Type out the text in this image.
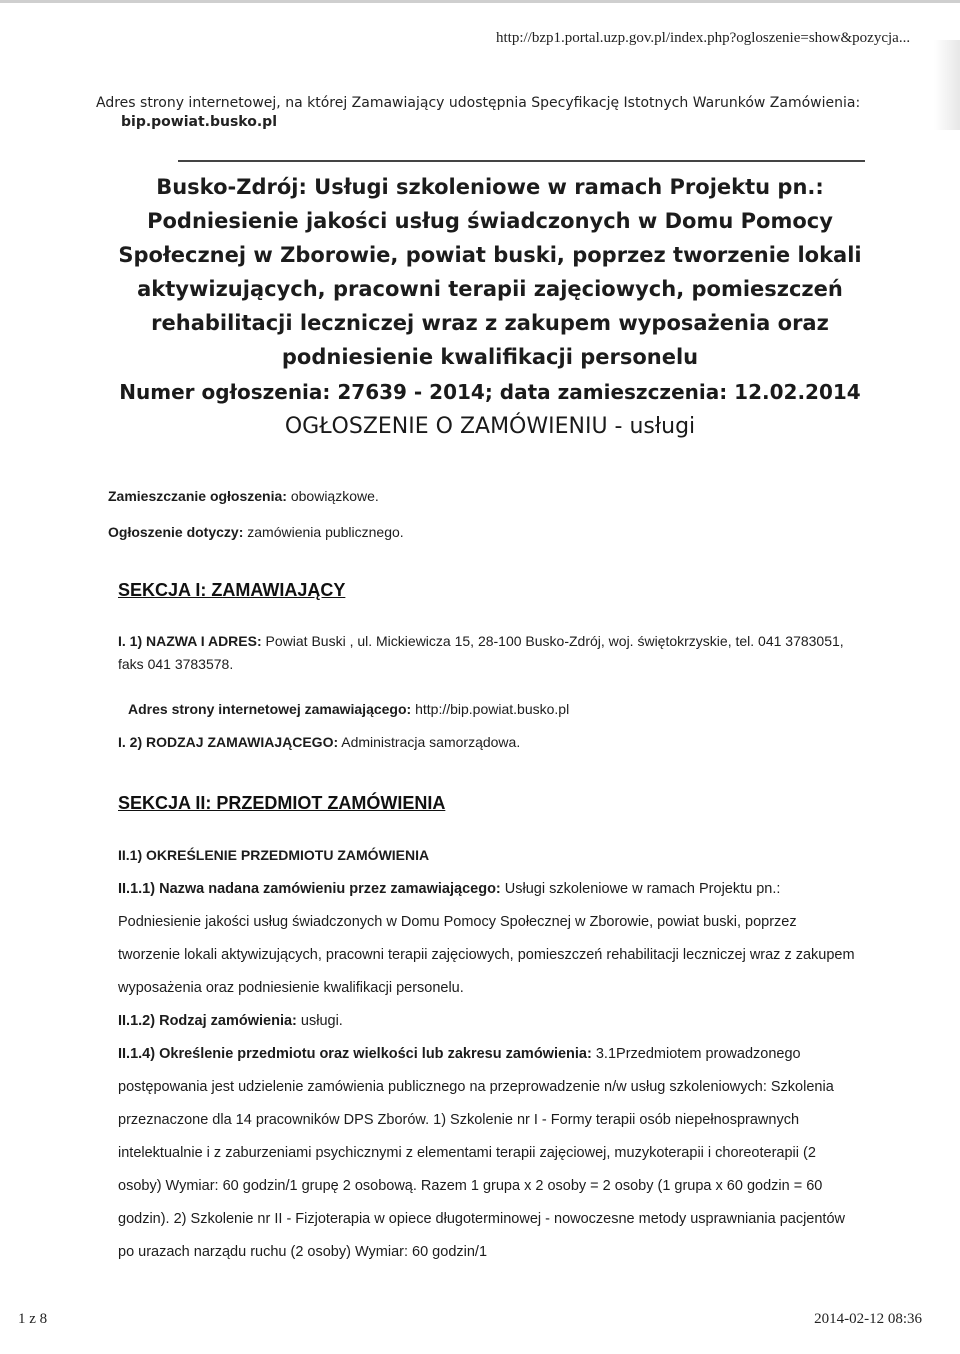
http://bzp1.portal.uzp.gov.pl/index.php?ogloszenie=show&pozycja...
Adres strony internetowej, na której Zamawiający udostępnia Specyfikację Istotnych Warunków Zamówienia:
bip.powiat.busko.pl
Busko-Zdrój: Usługi szkoleniowe w ramach Projektu pn.:
Podniesienie jakości usług świadczonych w Domu Pomocy
Społecznej w Zborowie, powiat buski, poprzez tworzenie lokali
aktywizujących, pracowni terapii zajęciowych, pomieszczeń
rehabilitacji leczniczej wraz z zakupem wyposażenia oraz
podniesienie kwalifikacji personelu
Numer ogłoszenia: 27639 - 2014; data zamieszczenia: 12.02.2014
OGŁOSZENIE O ZAMÓWIENIU - usługi
Zamieszczanie ogłoszenia: obowiązkowe.
Ogłoszenie dotyczy: zamówienia publicznego.
SEKCJA I: ZAMAWIAJĄCY
I. 1) NAZWA I ADRES: Powiat Buski , ul. Mickiewicza 15, 28-100 Busko-Zdrój, woj. świętokrzyskie, tel. 041 3783051, faks 041 3783578.
Adres strony internetowej zamawiającego: http://bip.powiat.busko.pl
I. 2) RODZAJ ZAMAWIAJĄCEGO: Administracja samorządowa.
SEKCJA II: PRZEDMIOT ZAMÓWIENIA
II.1) OKREŚLENIE PRZEDMIOTU ZAMÓWIENIA

II.1.1) Nazwa nadana zamówieniu przez zamawiającego: Usługi szkoleniowe w ramach Projektu pn.: Podniesienie jakości usług świadczonych w Domu Pomocy Społecznej w Zborowie, powiat buski, poprzez tworzenie lokali aktywizujących, pracowni terapii zajęciowych, pomieszczeń rehabilitacji leczniczej wraz z zakupem wyposażenia oraz podniesienie kwalifikacji personelu.

II.1.2) Rodzaj zamówienia: usługi.

II.1.4) Określenie przedmiotu oraz wielkości lub zakresu zamówienia: 3.1Przedmiotem prowadzonego postępowania jest udzielenie zamówienia publicznego na przeprowadzenie n/w usług szkoleniowych: Szkolenia przeznaczone dla 14 pracowników DPS Zborów. 1) Szkolenie nr I - Formy terapii osób niepełnosprawnych intelektualnie i z zaburzeniami psychicznymi z elementami terapii zajęciowej, muzykoterapii i choreoterapii (2 osoby) Wymiar: 60 godzin/1 grupę 2 osobową. Razem 1 grupa x 2 osoby = 2 osoby (1 grupa x 60 godzin = 60 godzin). 2) Szkolenie nr II - Fizjoterapia w opiece długoterminowej - nowoczesne metody usprawniania pacjentów po urazach narządu ruchu (2 osoby) Wymiar: 60 godzin/1

1 z 8	2014-02-12 08:36
